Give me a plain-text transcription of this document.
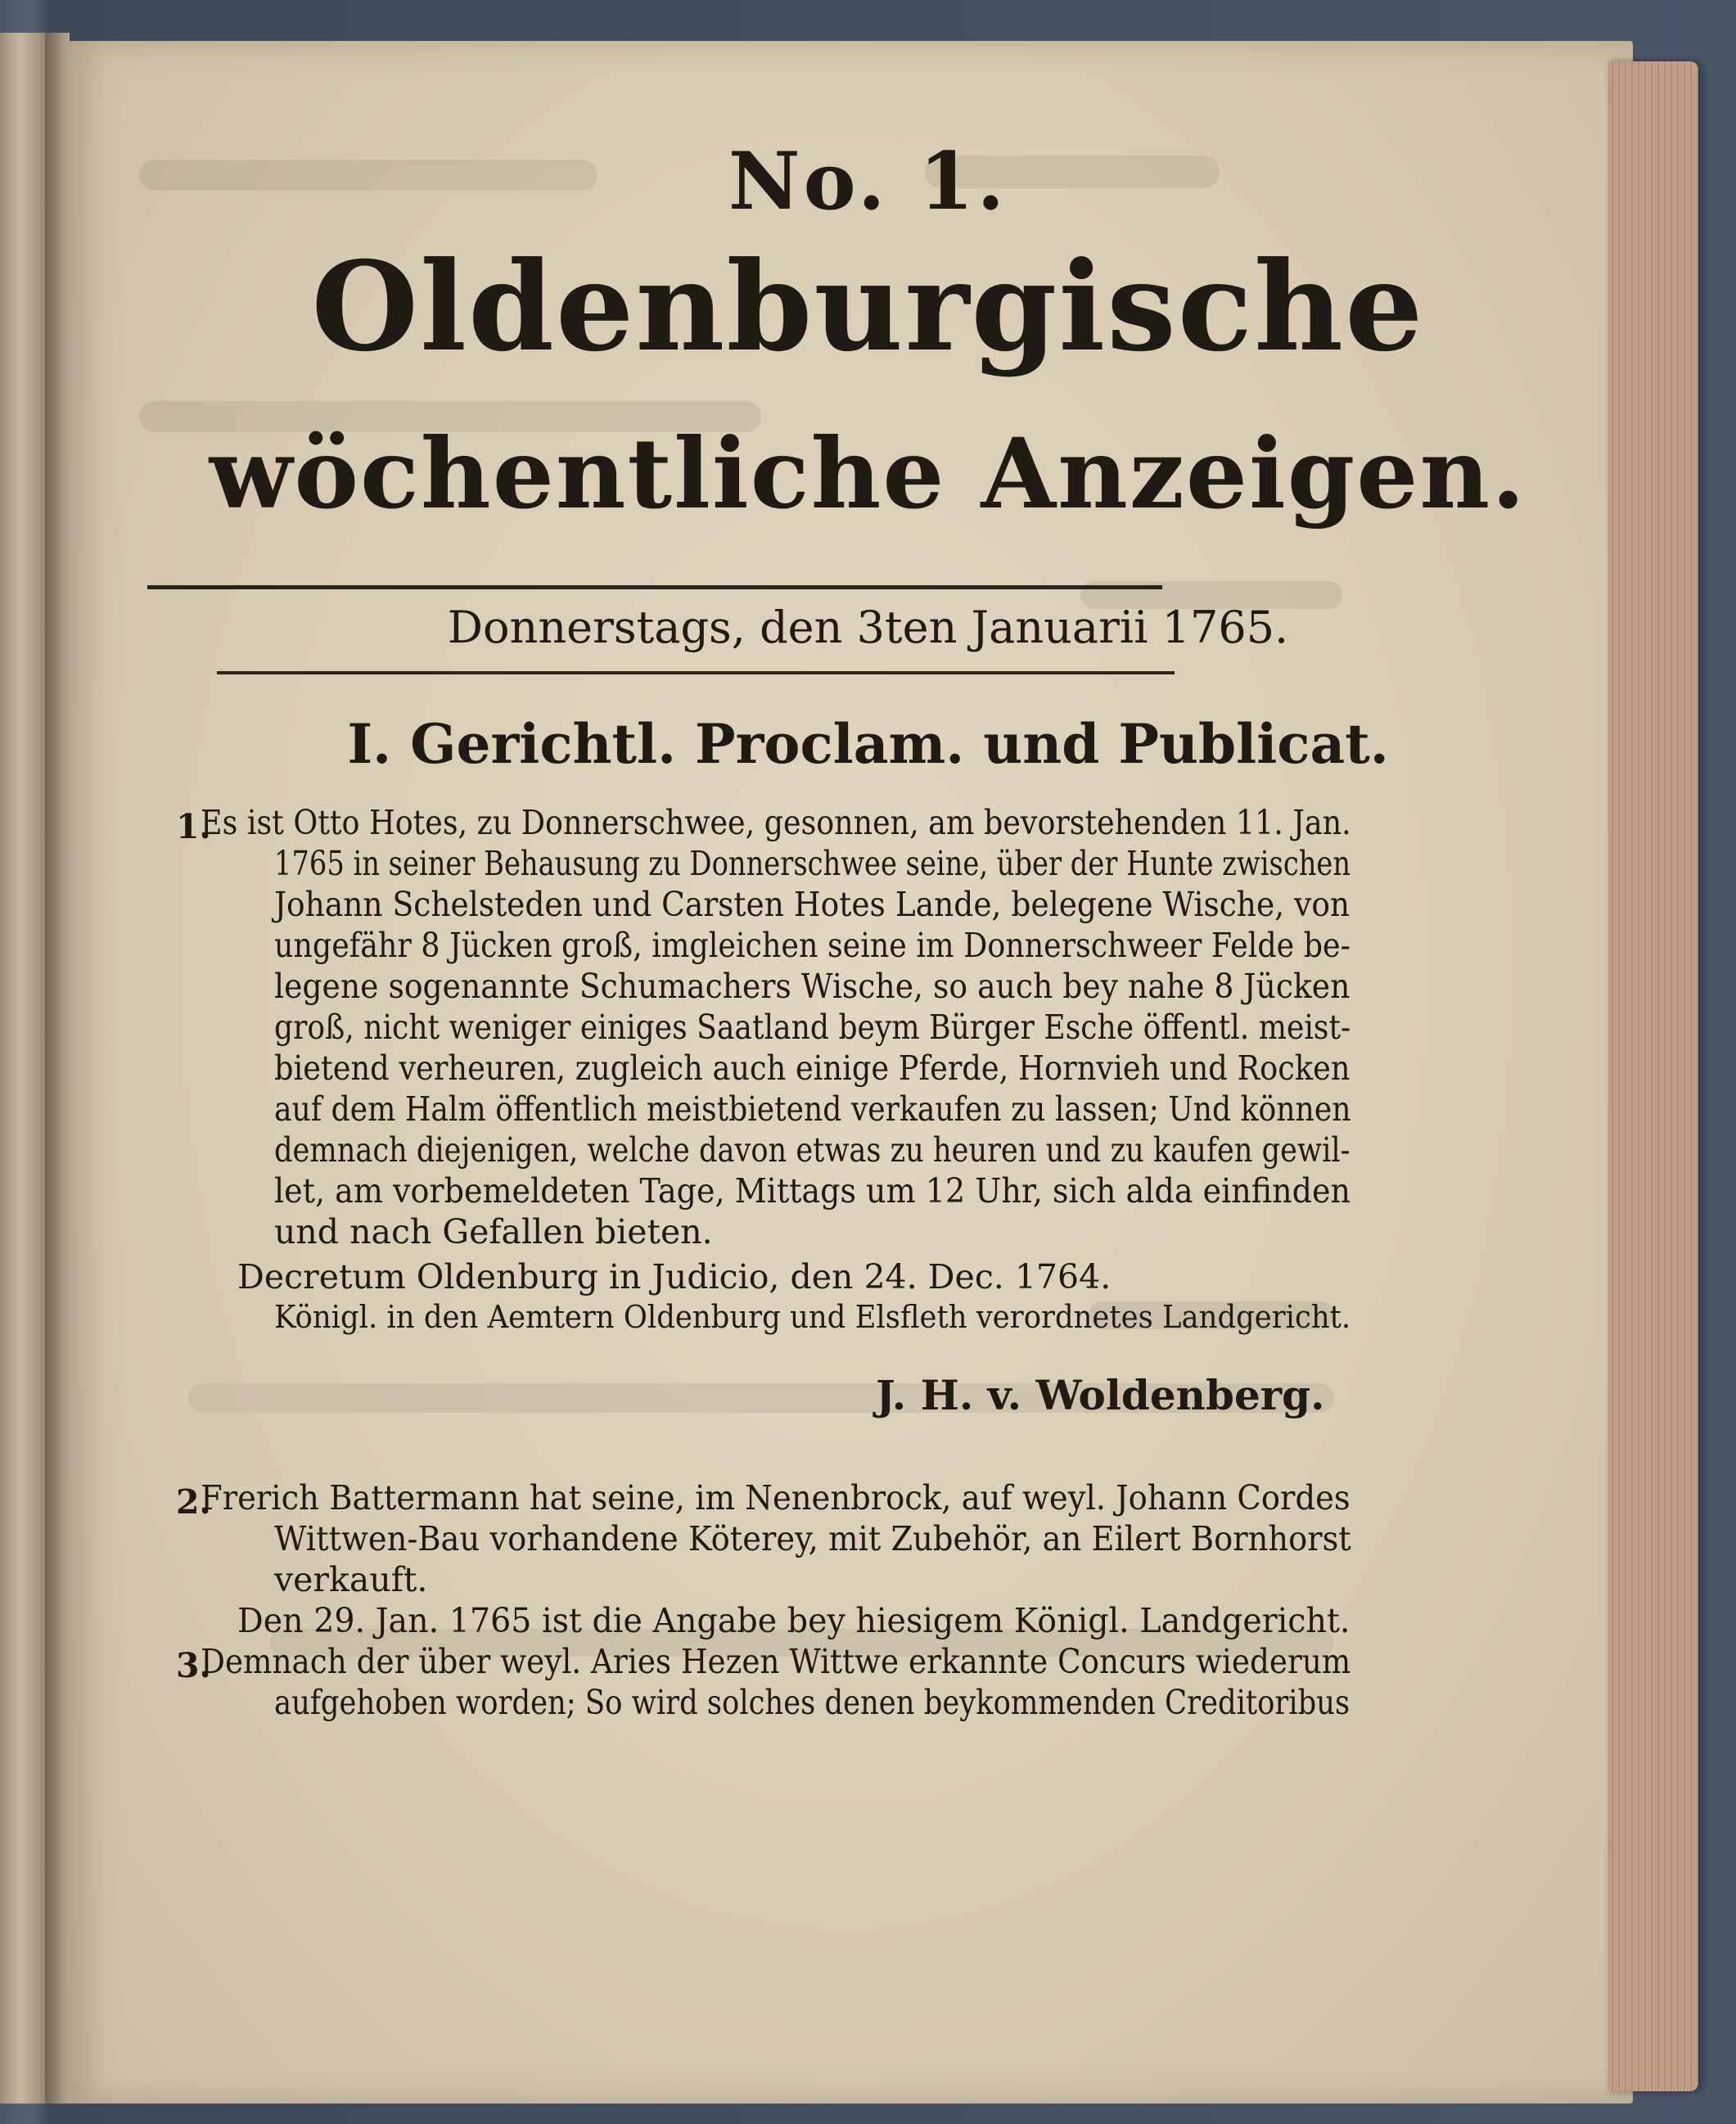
No. 1.
Oldenburgische
wöchentliche Anzeigen.
Donnerstags, den 3ten Januarii 1765.
I. Gerichtl. Proclam. und Publicat.
1.
Es ist Otto Hotes, zu Donnerschwee, gesonnen, am bevorstehenden 11. Jan.
1765 in seiner Behausung zu Donnerschwee seine, über der Hunte zwischen
Johann Schelsteden und Carsten Hotes Lande, belegene Wische, von
ungefähr 8 Jücken groß, imgleichen seine im Donnerschweer Felde be-
legene sogenannte Schumachers Wische, so auch bey nahe 8 Jücken
groß, nicht weniger einiges Saatland beym Bürger Esche öffentl. meist-
bietend verheuren, zugleich auch einige Pferde, Hornvieh und Rocken
auf dem Halm öffentlich meistbietend verkaufen zu lassen; Und können
demnach diejenigen, welche davon etwas zu heuren und zu kaufen gewil-
let, am vorbemeldeten Tage, Mittags um 12 Uhr, sich alda einfinden
und nach Gefallen bieten.
Decretum Oldenburg in Judicio, den 24. Dec. 1764.
Königl. in den Aemtern Oldenburg und Elsfleth verordnetes Landgericht.
J. H. v. Woldenberg.
2.
Frerich Battermann hat seine, im Nenenbrock, auf weyl. Johann Cordes
Wittwen-Bau vorhandene Köterey, mit Zubehör, an Eilert Bornhorst
verkauft.
Den 29. Jan. 1765 ist die Angabe bey hiesigem Königl. Landgericht.
3.
Demnach der über weyl. Aries Hezen Wittwe erkannte Concurs wiederum
aufgehoben worden; So wird solches denen beykommenden Creditoribus
